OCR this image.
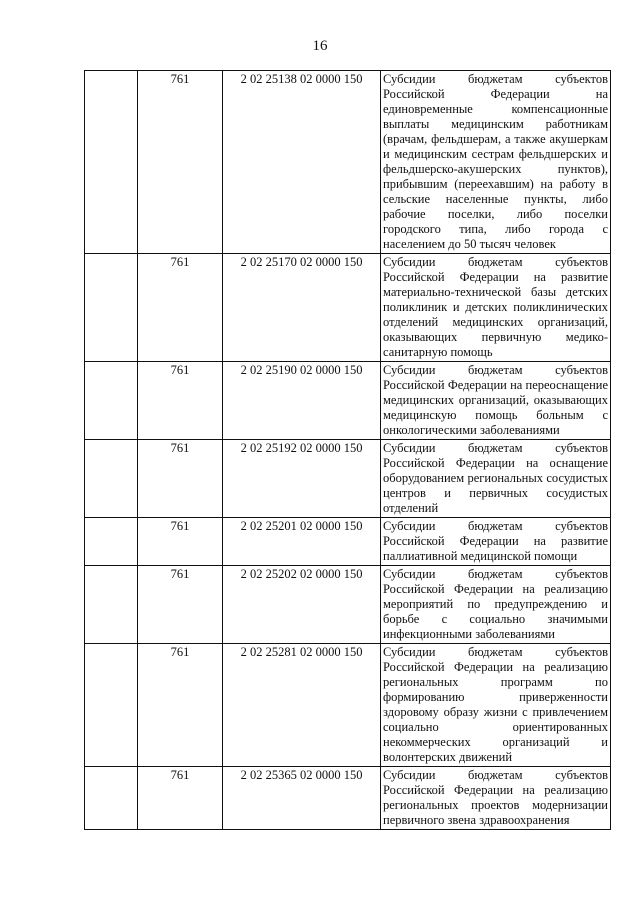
16
	761	2 02 25138 02 0000 150	Субсидии бюджетам субъектов Российской Федерации на единовременные компенсационные выплаты медицинским работникам (врачам, фельдшерам, а также акушеркам и медицинским сестрам фельдшерских и фельдшерско-акушерских пунктов), прибывшим (переехавшим) на работу в сельские населенные пункты, либо рабочие поселки, либо поселки городского типа, либо города с населением до 50 тысяч человек
	761	2 02 25170 02 0000 150	Субсидии бюджетам субъектов Российской Федерации на развитие материально-технической базы детских поликлиник и детских поликлинических отделений медицинских организаций, оказывающих первичную медико-санитарную помощь
	761	2 02 25190 02 0000 150	Субсидии бюджетам субъектов Российской Федерации на переоснащение медицинских организаций, оказывающих медицинскую помощь больным с онкологическими заболеваниями
	761	2 02 25192 02 0000 150	Субсидии бюджетам субъектов Российской Федерации на оснащение оборудованием региональных сосудистых центров и первичных сосудистых отделений
	761	2 02 25201 02 0000 150	Субсидии бюджетам субъектов Российской Федерации на развитие паллиативной медицинской помощи
	761	2 02 25202 02 0000 150	Субсидии бюджетам субъектов Российской Федерации на реализацию мероприятий по предупреждению и борьбе с социально значимыми инфекционными заболеваниями
	761	2 02 25281 02 0000 150	Субсидии бюджетам субъектов Российской Федерации на реализацию региональных программ по формированию приверженности здоровому образу жизни с привлечением социально ориентированных некоммерческих организаций и волонтерских движений
	761	2 02 25365 02 0000 150	Субсидии бюджетам субъектов Российской Федерации на реализацию региональных проектов модернизации первичного звена здравоохранения
